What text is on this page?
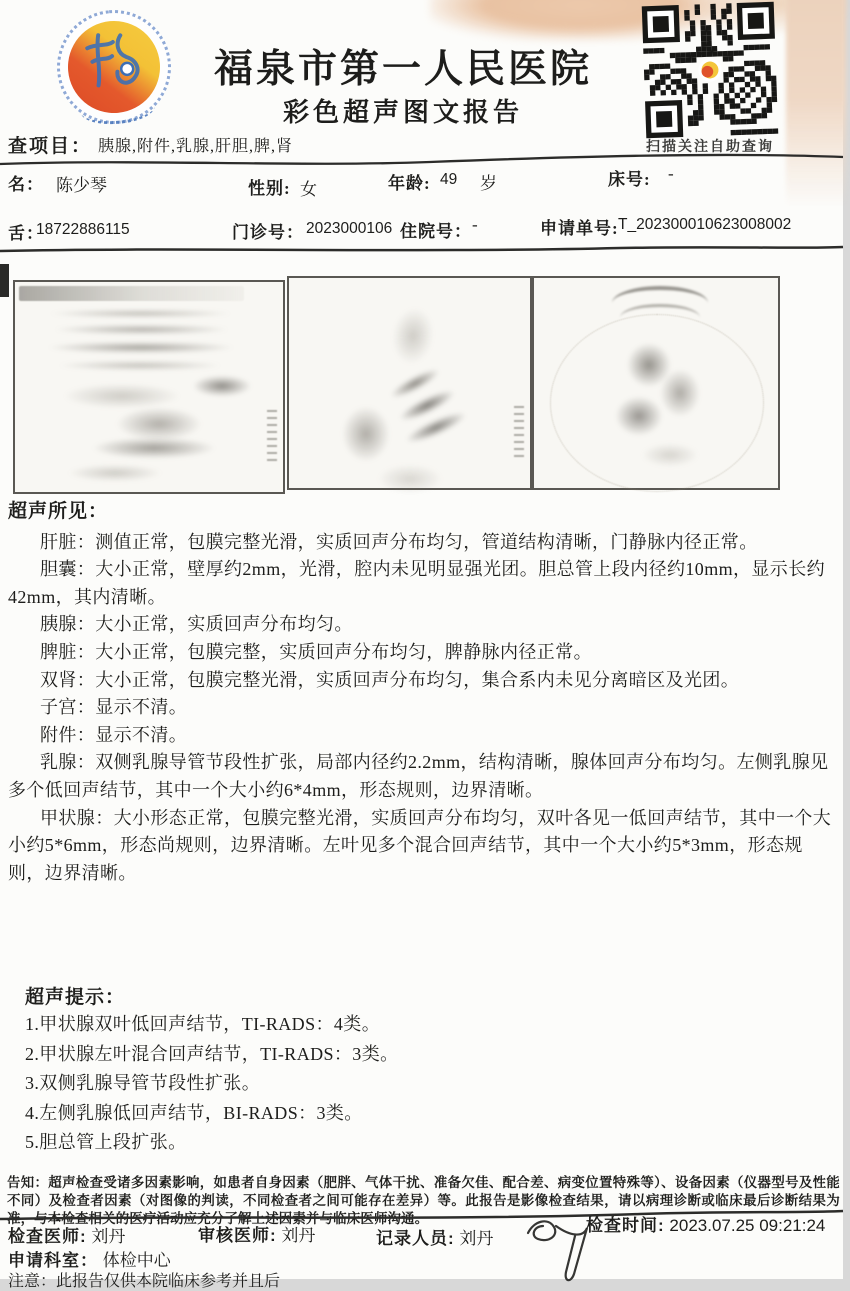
福泉市第一人民医院
彩色超声图文报告
扫描关注自助查询
查项目： 胰腺,附件,乳腺,肝胆,脾,肾
名： 陈少琴	性别: 女	年龄: 49 岁	床号: -
舌：
18722886115	门诊号： 2023000106 住院号： -	申请单号: T_202300010623008002
超声所见：

肝脏：测值正常，包膜完整光滑，实质回声分布均匀，管道结构清晰，门静脉内径正常。

胆囊：大小正常，壁厚约2mm，光滑，腔内未见明显强光团。胆总管上段内径约10mm，显示长约42mm，其内清晰。

胰腺：大小正常，实质回声分布均匀。

脾脏：大小正常，包膜完整，实质回声分布均匀，脾静脉内径正常。

双肾：大小正常，包膜完整光滑，实质回声分布均匀，集合系内未见分离暗区及光团。

子宫：显示不清。

附件：显示不清。

乳腺：双侧乳腺导管节段性扩张，局部内径约2.2mm，结构清晰，腺体回声分布均匀。左侧乳腺见多个低回声结节，其中一个大小约6*4mm，形态规则，边界清晰。

甲状腺：大小形态正常，包膜完整光滑，实质回声分布均匀，双叶各见一低回声结节，其中一个大小约5*6mm，形态尚规则，边界清晰。左叶见多个混合回声结节，其中一个大小约5*3mm，形态规则，边界清晰。

超声提示：

1.甲状腺双叶低回声结节，TI-RADS：4类。

2.甲状腺左叶混合回声结节，TI-RADS：3类。

3.双侧乳腺导管节段性扩张。

4.左侧乳腺低回声结节，BI-RADS：3类。

5.胆总管上段扩张。

告知：超声检查受诸多因素影响，如患者自身因素（肥胖、气体干扰、准备欠佳、配合差、病变位置特殊等）、设备因素（仪器型号及性能不同）及检查者因素（对图像的判读，不同检查者之间可能存在差异）等。此报告是影像检查结果，请以病理诊断或临床最后诊断结果为准，与本检查相关的医疗活动应充分了解上述因素并与临床医师沟通。

检查医师: 刘丹	审核医师: 刘丹	记录人员: 刘丹
检查时间: 2023.07.25 09:21:24
申请科室： 体检中心
注意：此报告仅供本院临床参考并且后
